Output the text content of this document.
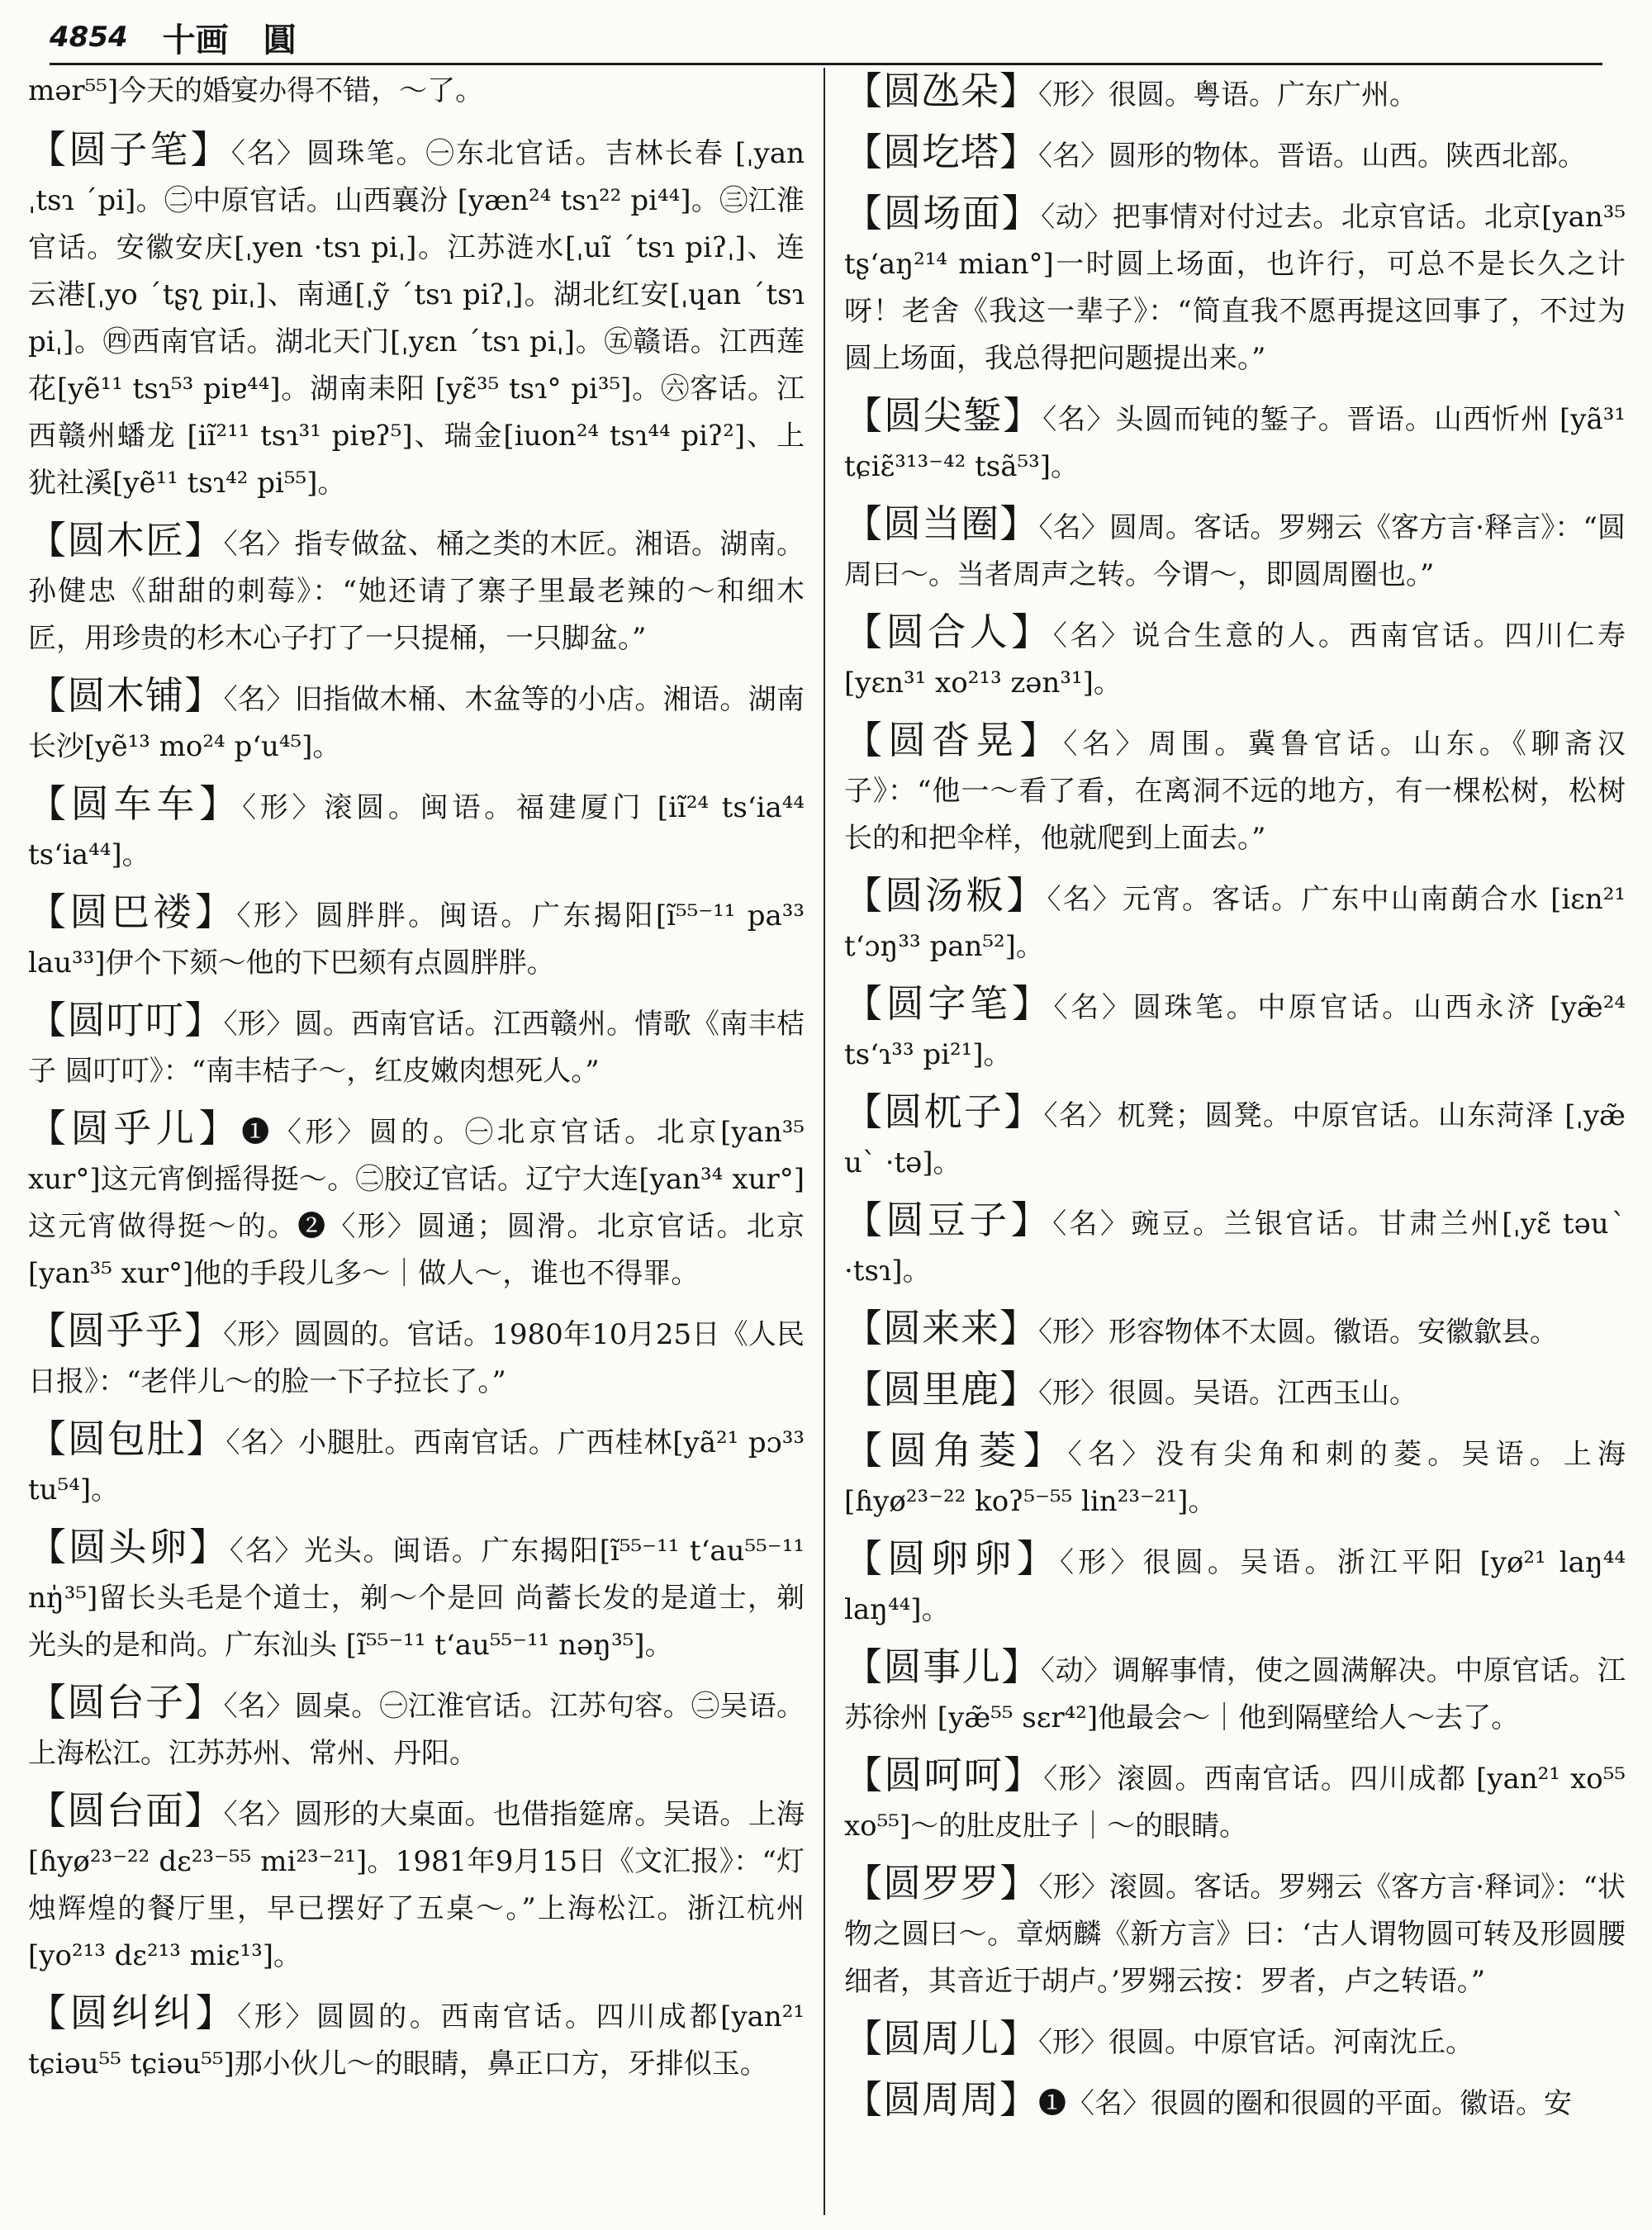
4854 十画 圓

mər⁵⁵]今天的婚宴办得不错，～了。

【圆子笔】〈名〉圆珠笔。㊀东北官话。吉林长春 [ˌyan ˌtsɿ ˊpi]。㊁中原官话。山西襄汾 [yæn²⁴ tsɿ²² pi⁴⁴]。㊂江淮官话。安徽安庆[ˌyen ·tsɿ piˌ]。江苏涟水[ˌuĩ ˊtsɿ piʔˌ]、连云港[ˌyo ˊtʂʅ piɪˌ]、南通[ˌỹ ˊtsɿ piʔˌ]。湖北红安[ˌɥan ˊtsɿ piˌ]。㊃西南官话。湖北天门[ˌyɛn ˊtsɿ piˌ]。㊄赣语。江西莲花[yẽ¹¹ tsɿ⁵³ piɐ⁴⁴]。湖南耒阳 [yɛ̃³⁵ tsɿ° pi³⁵]。㊅客话。江西赣州蟠龙 [iĩ²¹¹ tsɿ³¹ piɐʔ⁵]、瑞金[iuon²⁴ tsɿ⁴⁴ piʔ²]、上犹社溪[yẽ¹¹ tsɿ⁴² pi⁵⁵]。

【圆木匠】〈名〉指专做盆、桶之类的木匠。湘语。湖南。孙健忠《甜甜的刺莓》：“她还请了寨子里最老辣的～和细木匠，用珍贵的杉木心子打了一只提桶，一只脚盆。”

【圆木铺】〈名〉旧指做木桶、木盆等的小店。湘语。湖南长沙[yẽ¹³ mo²⁴ pʻu⁴⁵]。

【圆车车】〈形〉滚圆。闽语。福建厦门 [iĩ²⁴ tsʻia⁴⁴ tsʻia⁴⁴]。

【圆巴褛】〈形〉圆胖胖。闽语。广东揭阳[ĩ⁵⁵⁻¹¹ pa³³ lau³³]伊个下颏～他的下巴颏有点圆胖胖。

【圆叮叮】〈形〉圆。西南官话。江西赣州。情歌《南丰桔子 圆叮叮》：“南丰桔子～，红皮嫩肉想死人。”

【圆乎儿】❶〈形〉圆的。㊀北京官话。北京[yan³⁵ xur°]这元宵倒摇得挺～。㊁胶辽官话。辽宁大连[yan³⁴ xur°]这元宵做得挺～的。❷〈形〉圆通；圆滑。北京官话。北京[yan³⁵ xur°]他的手段儿多～｜做人～，谁也不得罪。

【圆乎乎】〈形〉圆圆的。官话。1980年10月25日《人民日报》：“老伴儿～的脸一下子拉长了。”

【圆包肚】〈名〉小腿肚。西南官话。广西桂林[yã²¹ pɔ³³ tu⁵⁴]。

【圆头卵】〈名〉光头。闽语。广东揭阳[ĩ⁵⁵⁻¹¹ tʻau⁵⁵⁻¹¹ nŋ̍³⁵]留长头毛是个道士，剃～个是回 尚蓄长发的是道士，剃光头的是和尚。广东汕头 [ĩ⁵⁵⁻¹¹ tʻau⁵⁵⁻¹¹ nəŋ³⁵]。

【圆台子】〈名〉圆桌。㊀江淮官话。江苏句容。㊁吴语。上海松江。江苏苏州、常州、丹阳。

【圆台面】〈名〉圆形的大桌面。也借指筵席。吴语。上海[ɦyø²³⁻²² dɛ²³⁻⁵⁵ mi²³⁻²¹]。1981年9月15日《文汇报》：“灯烛辉煌的餐厅里，早已摆好了五桌～。”上海松江。浙江杭州[yo²¹³ dɛ²¹³ miɛ¹³]。

【圆纠纠】〈形〉圆圆的。西南官话。四川成都[yan²¹ tɕiəu⁵⁵ tɕiəu⁵⁵]那小伙儿～的眼睛，鼻正口方，牙排似玉。

【圆氹朵】〈形〉很圆。粤语。广东广州。

【圆圪塔】〈名〉圆形的物体。晋语。山西。陕西北部。

【圆场面】〈动〉把事情对付过去。北京官话。北京[yan³⁵ tʂʻaŋ²¹⁴ mian°]一时圆上场面，也许行，可总不是长久之计呀！老舍《我这一辈子》：“简直我不愿再提这回事了，不过为圆上场面，我总得把问题提出来。”

【圆尖錾】〈名〉头圆而钝的錾子。晋语。山西忻州 [yã³¹ tɕiɛ̃³¹³⁻⁴² tsã⁵³]。

【圆当圈】〈名〉圆周。客话。罗翙云《客方言·释言》：“圆周曰～。当者周声之转。今谓～，即圆周圈也。”

【圆合人】〈名〉说合生意的人。西南官话。四川仁寿 [yɛn³¹ xo²¹³ zən³¹]。

【圆沓晃】〈名〉周围。冀鲁官话。山东。《聊斋汉子》：“他一～看了看，在离洞不远的地方，有一棵松树，松树长的和把伞样，他就爬到上面去。”

【圆汤粄】〈名〉元宵。客话。广东中山南蓢合水 [iɛn²¹ tʻɔŋ³³ pan⁵²]。

【圆字笔】〈名〉圆珠笔。中原官话。山西永济 [yæ̃²⁴ tsʻɿ³³ pi²¹]。

【圆杌子】〈名〉杌凳；圆凳。中原官话。山东菏泽 [ˌyæ̃ uˋ ·tə]。

【圆豆子】〈名〉豌豆。兰银官话。甘肃兰州[ˌyɛ̃ təuˋ ·tsɿ]。

【圆来来】〈形〉形容物体不太圆。徽语。安徽歙县。

【圆里鹿】〈形〉很圆。吴语。江西玉山。

【圆角菱】〈名〉没有尖角和刺的菱。吴语。上海 [ɦyø²³⁻²² koʔ⁵⁻⁵⁵ lin²³⁻²¹]。

【圆卵卵】〈形〉很圆。吴语。浙江平阳 [yø²¹ laŋ⁴⁴ laŋ⁴⁴]。

【圆事儿】〈动〉调解事情，使之圆满解决。中原官话。江苏徐州 [yæ̃⁵⁵ sɛr⁴²]他最会～｜他到隔壁给人～去了。

【圆呵呵】〈形〉滚圆。西南官话。四川成都 [yan²¹ xo⁵⁵ xo⁵⁵]～的肚皮肚子｜～的眼睛。

【圆罗罗】〈形〉滚圆。客话。罗翙云《客方言·释词》：“状物之圆曰～。章炳麟《新方言》曰：‘古人谓物圆可转及形圆腰细者，其音近于胡卢。’罗翙云按：罗者，卢之转语。”

【圆周儿】〈形〉很圆。中原官话。河南沈丘。

【圆周周】❶〈名〉很圆的圈和很圆的平面。徽语。安
